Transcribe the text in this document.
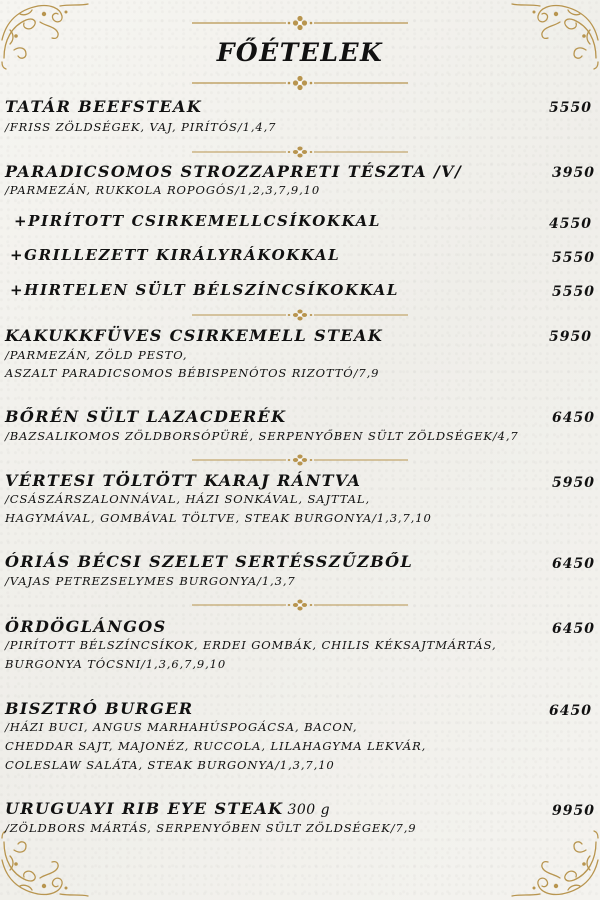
FŐÉTELEK
TATÁR BEEFSTEAK	5550
/FRISS ZÖLDSÉGEK, VAJ, PIRÍTÓS/1,4,7
PARADICSOMOS STROZZAPRETI TÉSZTA /V/	3950
/PARMEZÁN, RUKKOLA ROPOGÓS/1,2,3,7,9,10
+PIRÍTOTT CSIRKEMELLCSÍKOKKAL	4550
+GRILLEZETT KIRÁLYRÁKOKKAL	5550
+HIRTELEN SÜLT BÉLSZÍNCSÍKOKKAL	5550
KAKUKKFÜVES CSIRKEMELL STEAK	5950
/PARMEZÁN, ZÖLD PESTO,
ASZALT PARADICSOMOS BÉBISPENÓTOS RIZOTTÓ/7,9
BŐRÉN SÜLT LAZACDERÉK	6450
/BAZSALIKOMOS ZÖLDBORSÓPÜRÉ, SERPENYŐBEN SÜLT ZÖLDSÉGEK/4,7
VÉRTESI TÖLTÖTT KARAJ RÁNTVA	5950
/CSÁSZÁRSZALONNÁVAL, HÁZI SONKÁVAL, SAJTTAL,
HAGYMÁVAL, GOMBÁVAL TÖLTVE, STEAK BURGONYA/1,3,7,10
ÓRIÁS BÉCSI SZELET SERTÉSSZŰZBŐL	6450
/VAJAS PETREZSELYMES BURGONYA/1,3,7
ÖRDÖGLÁNGOS	6450
/PIRÍTOTT BÉLSZÍNCSÍKOK, ERDEI GOMBÁK, CHILIS KÉKSAJTMÁRTÁS,
BURGONYA TÓCSNI/1,3,6,7,9,10
BISZTRÓ BURGER	6450
/HÁZI BUCI, ANGUS MARHAHÚSPOGÁCSA, BACON,
CHEDDAR SAJT, MAJONÉZ, RUCCOLA, LILAHAGYMA LEKVÁR,
COLESLAW SALÁTA, STEAK BURGONYA/1,3,7,10
URUGUAYI RIB EYE STEAK 300 g	9950
/ZÖLDBORS MÁRTÁS, SERPENYŐBEN SÜLT ZÖLDSÉGEK/7,9
